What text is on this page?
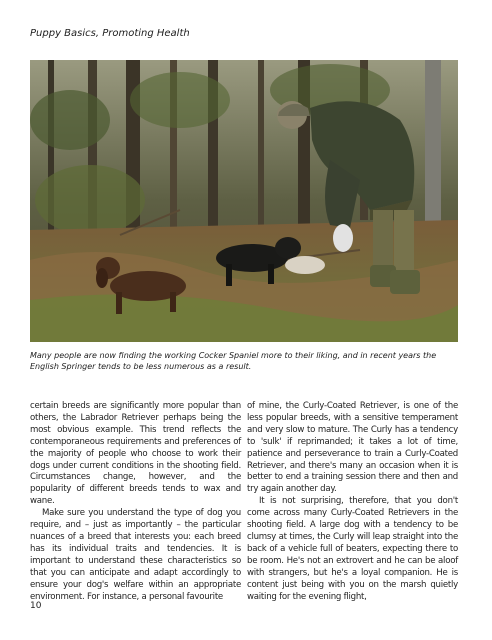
Puppy Basics, Promoting Health
Many people are now finding the working Cocker Spaniel more to their liking, and in recent years the English Springer tends to be less numerous as a result.

certain breeds are significantly more popular than others, the Labrador Retriever perhaps being the most obvious example. This trend reflects the contemporaneous requirements and preferences of the majority of people who choose to work their dogs under current conditions in the shooting field. Circumstances change, however, and the popularity of different breeds tends to wax and wane.

Make sure you understand the type of dog you require, and – just as importantly – the particular nuances of a breed that interests you: each breed has its individual traits and tendencies. It is important to understand these characteristics so that you can anticipate and adapt accordingly to ensure your dog's welfare within an appropriate environment. For instance, a personal favourite

of mine, the Curly-Coated Retriever, is one of the less popular breeds, with a sensitive temperament and very slow to mature. The Curly has a tendency to 'sulk' if reprimanded; it takes a lot of time, patience and perseverance to train a Curly-Coated Retriever, and there's many an occasion when it is better to end a training session there and then and try again another day.

It is not surprising, therefore, that you don't come across many Curly-Coated Retrievers in the shooting field. A large dog with a tendency to be clumsy at times, the Curly will leap straight into the back of a vehicle full of beaters, expecting there to be room. He's not an extrovert and he can be aloof with strangers, but he's a loyal companion. He is content just being with you on the marsh quietly waiting for the evening flight,

10
